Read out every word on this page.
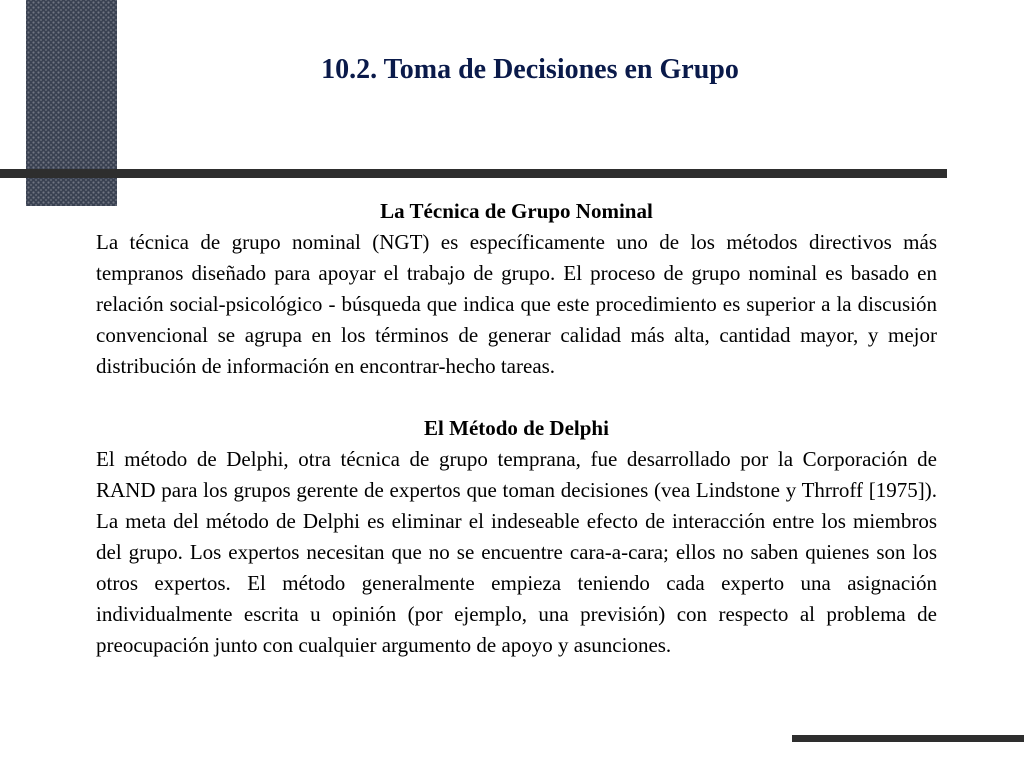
10.2. Toma de Decisiones en Grupo
La Técnica de Grupo Nominal

La técnica de grupo nominal (NGT) es específicamente uno de los métodos directivos más tempranos diseñado para apoyar el trabajo de grupo. El proceso de grupo nominal es basado en relación social-psicológico - búsqueda que indica que este procedimiento es superior a la discusión convencional se agrupa en los términos de generar calidad más alta, cantidad mayor, y mejor distribución de información en encontrar-hecho tareas.

El Método de Delphi

El método de Delphi, otra técnica de grupo temprana, fue desarrollado por la Corporación de RAND para los grupos gerente de expertos que toman decisiones (vea Lindstone y Thrroff [1975]). La meta del método de Delphi es eliminar el indeseable efecto de interacción entre los miembros del grupo. Los expertos necesitan que no se encuentre cara-a-cara; ellos no saben quienes son los otros expertos. El método generalmente empieza teniendo cada experto una asignación individualmente escrita u opinión (por ejemplo, una previsión) con respecto al problema de preocupación junto con cualquier argumento de apoyo y asunciones.
